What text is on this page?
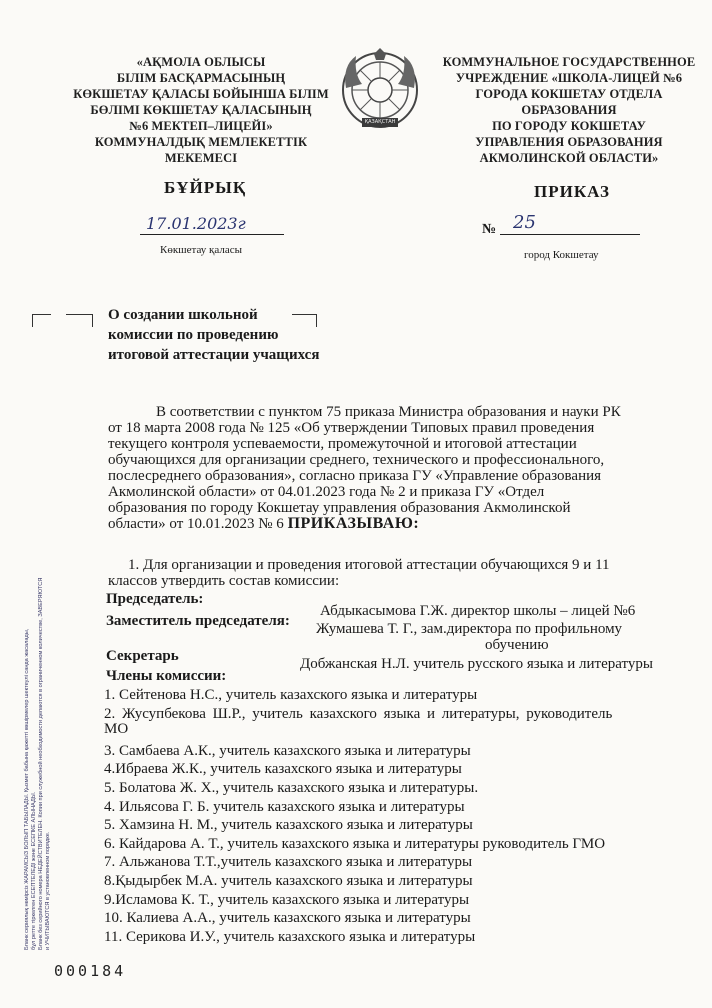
«АҚМОЛА ОБЛЫСЫ
БІЛІМ БАСҚАРМАСЫНЫҢ
КӨКШЕТАУ ҚАЛАСЫ БОЙЫНША БІЛІМ
БӨЛІМІ КӨКШЕТАУ ҚАЛАСЫНЫҢ
№6 МЕКТЕП–ЛИЦЕЙІ»
КОММУНАЛДЫҚ МЕМЛЕКЕТТІК
МЕКЕМЕСІ
ҚАЗАҚСТАН
КОММУНАЛЬНОЕ ГОСУДАРСТВЕННОЕ
УЧРЕЖДЕНИЕ «ШКОЛА-ЛИЦЕЙ №6
ГОРОДА КОКШЕТАУ ОТДЕЛА
ОБРАЗОВАНИЯ
ПО ГОРОДУ КОКШЕТАУ
УПРАВЛЕНИЯ ОБРАЗОВАНИЯ
АКМОЛИНСКОЙ ОБЛАСТИ»
БҰЙРЫҚ	ПРИКАЗ
17.01.2023г
Көкшетау қаласы
№ 25
город Кокшетау
О создании школьной
комиссии по проведению
итоговой аттестации учащихся
В соответствии с пунктом 75 приказа Министра образования и науки РК
от 18 марта 2008 года № 125 «Об утверждении Типовых правил проведения
текущего контроля успеваемости, промежуточной и итоговой аттестации
обучающихся для организации среднего, технического и профессионального,
послесреднего образования», согласно приказа ГУ «Управление образования
Акмолинской области» от 04.01.2023 года № 2 и приказа ГУ «Отдел
образования по городу Кокшетау управления образования Акмолинской
области» от 10.01.2023 № 6 ПРИКАЗЫВАЮ:
1. Для организации и проведения итоговой аттестации обучающихся 9 и 11
классов утвердить состав комиссии:
Председатель:
Абдыкасымова Г.Ж. директор школы – лицей №6
Заместитель председателя: Жумашева Т. Г., зам.директора по профильному
обучению
Секретарь	Добжанская Н.Л. учитель русского языка и литературы
Члены комиссии:
1. Сейтенова Н.С., учитель казахского языка и литературы
2. Жусупбекова Ш.Р., учитель казахского языка и литературы, руководитель
МО
3. Самбаева А.К., учитель казахского языка и литературы
4.Ибраева Ж.К., учитель казахского языка и литературы
5. Болатова Ж. Х., учитель казахского языка и литературы.
4. Ильясова Г. Б. учитель казахского языка и литературы
5. Хамзина Н. М., учитель казахского языка и литературы
6. Кайдарова А. Т., учитель казахского языка и литературы руководитель ГМО
7. Альжанова Т.Т.,учитель казахского языка и литературы
8.Қыдырбек М.А. учитель казахского языка и литературы
9.Исламова К. Т., учитель казахского языка и литературы
10. Калиева А.А., учитель казахского языка и литературы
11. Серикова И.У., учитель казахского языка и литературы
Бланк сериялық нөмірсіз ЖАРАМСЫЗ БОЛЫП ТАБЫЛАДЫ. Қызмет бабына қажетті көшірмелер шектеулі санда жасалады, бұл ретте тіркелген ЕСЕПТЕЛЕДІ және ЕСЕПКЕ АЛЫНАДЫ. Бланк без серийного номера НЕДЕЙСТВИТЕЛЕН. Копии при служебной необходимости делаются в ограниченном количестве, ЗАВЕРЯЮТСЯ и УЧИТЫВАЮТСЯ в установленном порядке.
000184
